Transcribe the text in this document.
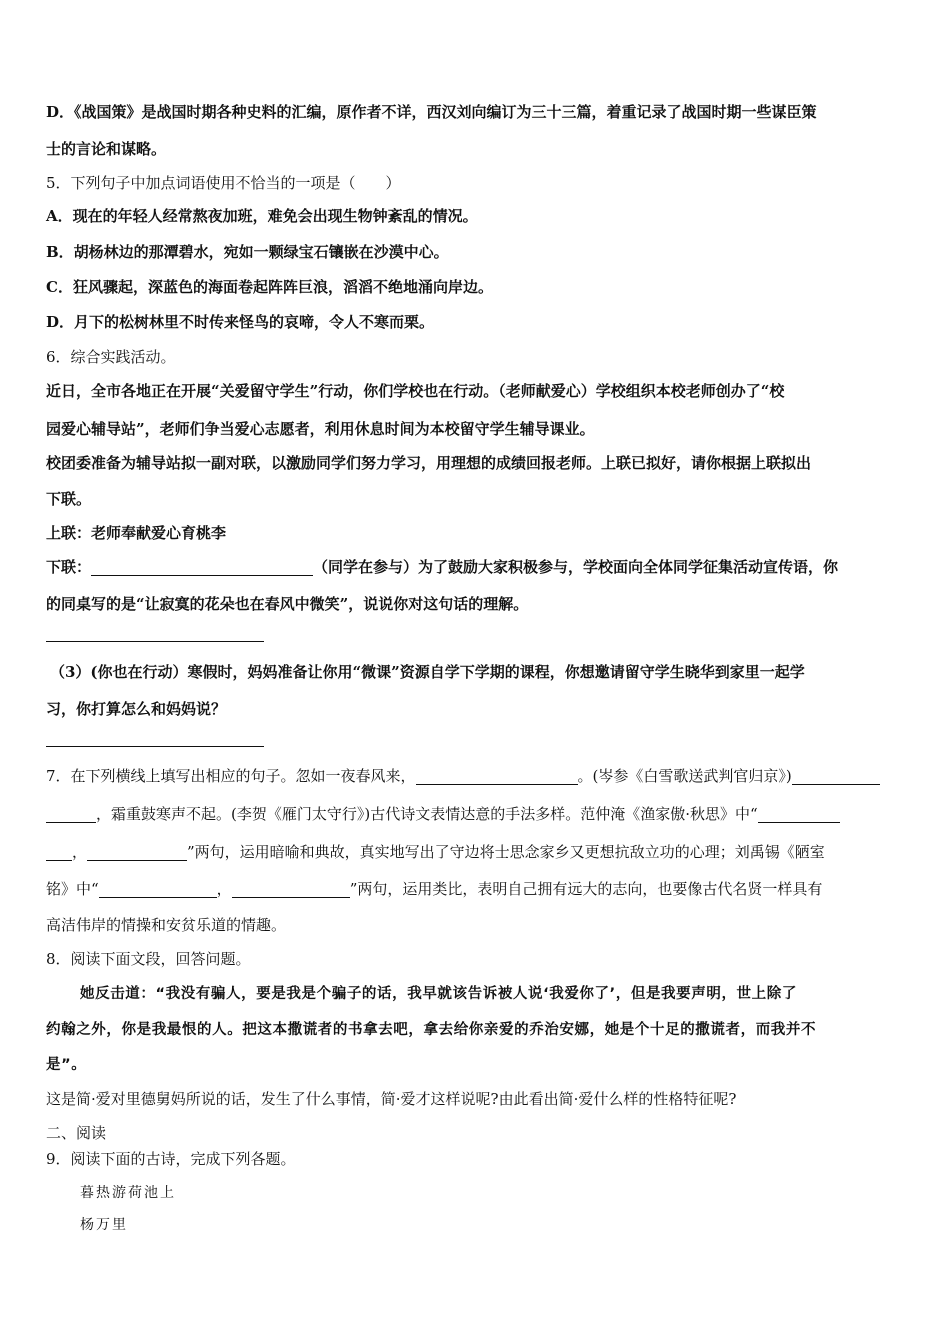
D．《战国策》是战国时期各种史料的汇编，原作者不详，西汉刘向编订为三十三篇，着重记录了战国时期一些谋臣策
士的言论和谋略。
5．下列句子中加点词语使用不恰当的一项是（　　）
A．现在的年轻人经常熬夜加班，难免会出现生物钟紊乱的情况。
B．胡杨林边的那潭碧水，宛如一颗绿宝石镶嵌在沙漠中心。
C．狂风骤起，深蓝色的海面卷起阵阵巨浪，滔滔不绝地涌向岸边。
D．月下的松树林里不时传来怪鸟的哀啼，令人不寒而栗。
6．综合实践活动。
近日，全市各地正在开展“关爱留守学生”行动，你们学校也在行动。（老师献爱心）学校组织本校老师创办了“校
园爱心辅导站”，老师们争当爱心志愿者，利用休息时间为本校留守学生辅导课业。
校团委准备为辅导站拟一副对联，以激励同学们努力学习，用理想的成绩回报老师。上联已拟好，请你根据上联拟出
下联。
上联：老师奉献爱心育桃李
下联：	（同学在参与）为了鼓励大家积极参与，学校面向全体同学征集活动宣传语，你
的同桌写的是“让寂寞的花朵也在春风中微笑”，说说你对这句话的理解。
（3）(你也在行动）寒假时，妈妈准备让你用“微课”资源自学下学期的课程，你想邀请留守学生晓华到家里一起学
习，你打算怎么和妈妈说？
7．在下列横线上填写出相应的句子。忽如一夜春风来，	。(岑参《白雪歌送武判官归京》)
，霜重鼓寒声不起。(李贺《雁门太守行》)古代诗文表情达意的手法多样。范仲淹《渔家傲·秋思》中“
，	”两句，运用暗喻和典故，真实地写出了守边将士思念家乡又更想抗敌立功的心理；刘禹锡《陋室
铭》中“	，	”两句，运用类比，表明自己拥有远大的志向，也要像古代名贤一样具有
高洁伟岸的情操和安贫乐道的情趣。
8．阅读下面文段，回答问题。
她反击道：“我没有骗人，要是我是个骗子的话，我早就该告诉被人说‘我爱你了’，但是我要声明，世上除了
约翰之外，你是我最恨的人。把这本撒谎者的书拿去吧，拿去给你亲爱的乔治安娜，她是个十足的撒谎者，而我并不
是”。
这是简·爱对里德舅妈所说的话，发生了什么事情，简·爱才这样说呢?由此看出简·爱什么样的性格特征呢?
二、阅读
9．阅读下面的古诗，完成下列各题。
暮热游荷池上
杨万里
